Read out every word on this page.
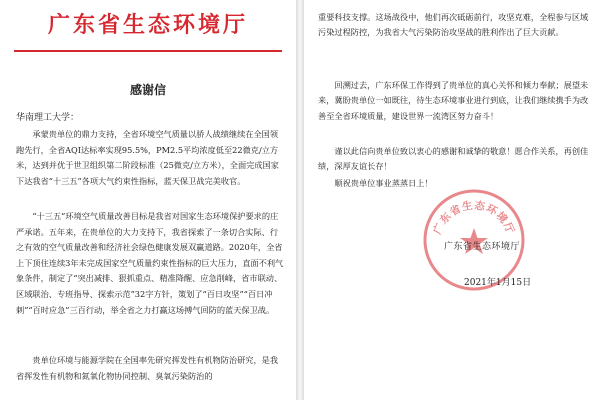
广东省生态环境厅
感谢信
华南理工大学：

承蒙贵单位的鼎力支持，全省环境空气质量以骄人战绩继续在全国领跑先行，全省AQI达标率实现95.5%，PM2.5平均浓度低至22微克/立方米，达到并优于世卫组织第二阶段标准（25微克/立方米），全面完成国家下达我省“十三五”各项大气约束性指标，蓝天保卫战完美收官。

“十三五”环境空气质量改善目标是我省对国家生态环境保护要求的庄严承诺。五年来，在贵单位的大力支持下，我省探索了一条切合实际、行之有效的空气质量改善和经济社会绿色健康发展双赢道路。2020年，全省上下顶住连续3年未完成国家空气质量约束性指标的巨大压力，直面不利气象条件，制定了“突出减排、狠抓重点、精准降醒、应急削峰，省市联动、区域联治、专班指导、探索示范”32字方针，策划了“百日攻坚”“百日冲刺”“百时应急”三百行动，举全省之力打赢这场搏气回防的蓝天保卫战。

贵单位环境与能源学院在全国率先研究挥发性有机物防治研究，是我省挥发性有机物和氮氧化物协同控制、臭氧污染防治的

重要科技支撑。这场战役中，他们再次砥砺前行，攻坚克难，全程参与区域污染过程防控，为我省大气污染防治攻坚战的胜利作出了巨大贡献。

回溯过去，广东环保工作得到了贵单位的真心关怀和倾力奉献；展望未来，冀盼贵单位一如既往，待生态环境事业进行到底，让我们继续携手为改善至全省环境质量，建设世界一流湾区努力奋斗！

谨以此信向贵单位致以衷心的感谢和诚挚的敬意！愿合作关系，再创佳绩，深厚友谊长存！

顺祝贵单位事业蒸蒸日上！

广东省生态环境厅
广东省生态环境厅
2021年1月15日
